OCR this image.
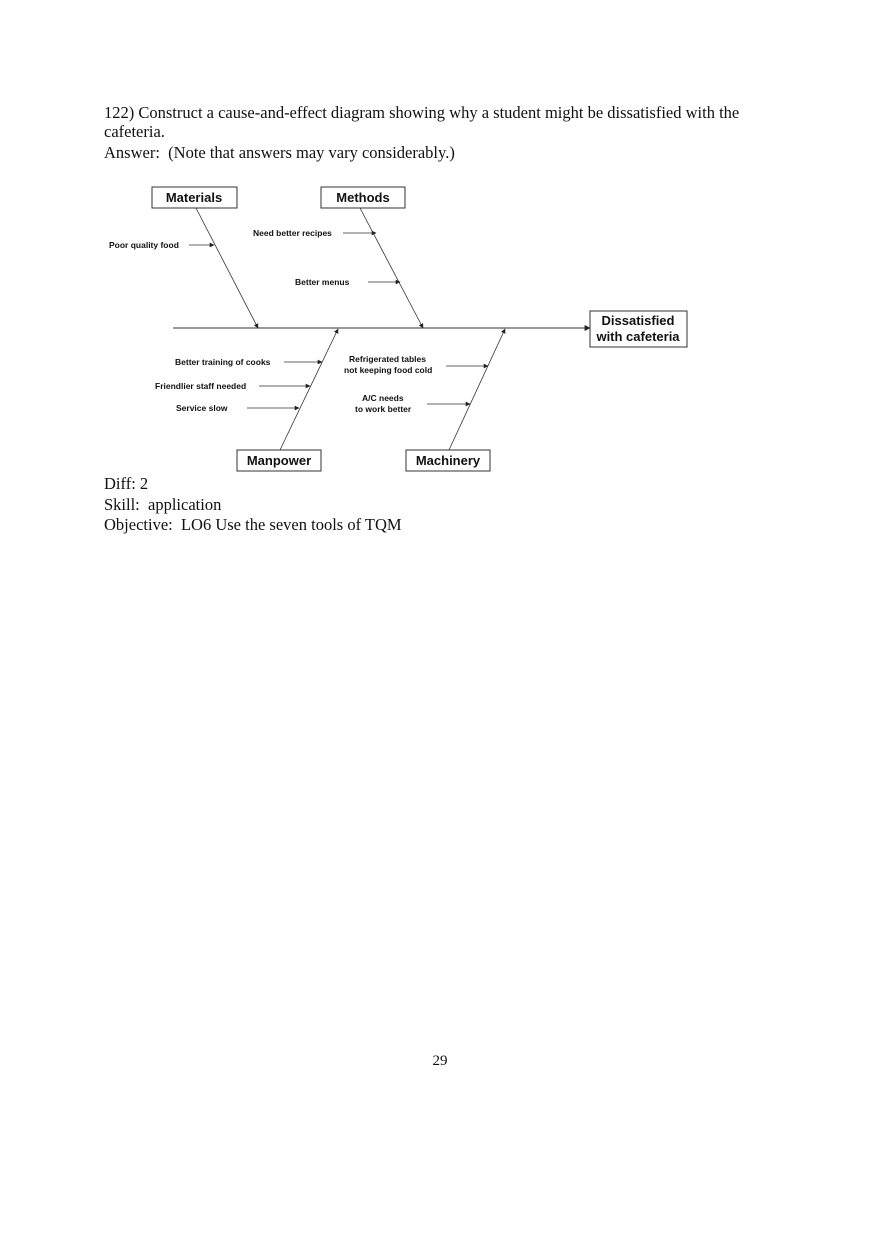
122) Construct a cause-and-effect diagram showing why a student might be dissatisfied with the cafeteria.
Answer:  (Note that answers may vary considerably.)
Dissatisfied
with cafeteria
Materials	Methods
Manpower	Machinery
Poor quality food
Need better recipes
Better menus
Better training of cooks
Friendlier staff needed
Service slow
Refrigerated tables
not keeping food cold
A/C needs
to work better
Diff: 2
Skill:  application
Objective:  LO6 Use the seven tools of TQM
29
